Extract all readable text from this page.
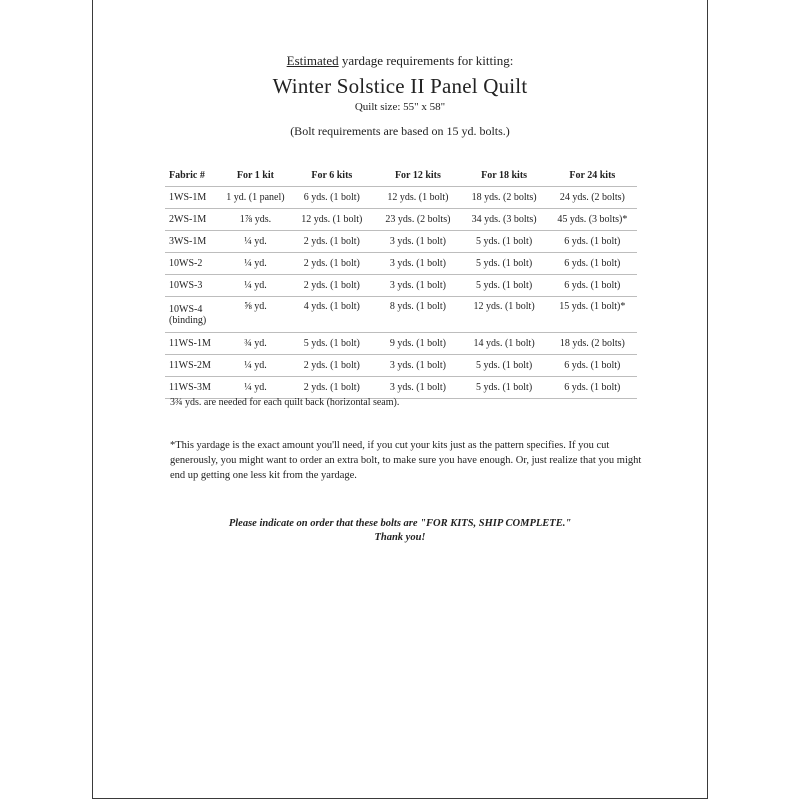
Estimated yardage requirements for kitting:
Winter Solstice II Panel Quilt
Quilt size: 55" x 58"
(Bolt requirements are based on 15 yd. bolts.)
Fabric #	For 1 kit	For 6 kits	For 12 kits	For 18 kits	For 24 kits
1WS-1M	1 yd. (1 panel)	6 yds. (1 bolt)	12 yds. (1 bolt)	18 yds. (2 bolts)	24 yds. (2 bolts)
2WS-1M	1⅞ yds.	12 yds. (1 bolt)	23 yds. (2 bolts)	34 yds. (3 bolts)	45 yds. (3 bolts)*
3WS-1M	¼ yd.	2 yds. (1 bolt)	3 yds. (1 bolt)	5 yds. (1 bolt)	6 yds. (1 bolt)
10WS-2	¼ yd.	2 yds. (1 bolt)	3 yds. (1 bolt)	5 yds. (1 bolt)	6 yds. (1 bolt)
10WS-3	¼ yd.	2 yds. (1 bolt)	3 yds. (1 bolt)	5 yds. (1 bolt)	6 yds. (1 bolt)

10WS-4
(binding)	⅝ yd.	4 yds. (1 bolt)	8 yds. (1 bolt)	12 yds. (1 bolt)	15 yds. (1 bolt)*
11WS-1M	¾ yd.	5 yds. (1 bolt)	9 yds. (1 bolt)	14 yds. (1 bolt)	18 yds. (2 bolts)
11WS-2M	¼ yd.	2 yds. (1 bolt)	3 yds. (1 bolt)	5 yds. (1 bolt)	6 yds. (1 bolt)
11WS-3M	¼ yd.	2 yds. (1 bolt)	3 yds. (1 bolt)	5 yds. (1 bolt)	6 yds. (1 bolt)
3¾ yds. are needed for each quilt back (horizontal seam).
*This yardage is the exact amount you'll need, if you cut your kits just as the pattern specifies. If you cut generously, you might want to order an extra bolt, to make sure you have enough. Or, just realize that you might end up getting one less kit from the yardage.
Please indicate on order that these bolts are "FOR KITS, SHIP COMPLETE."
Thank you!
